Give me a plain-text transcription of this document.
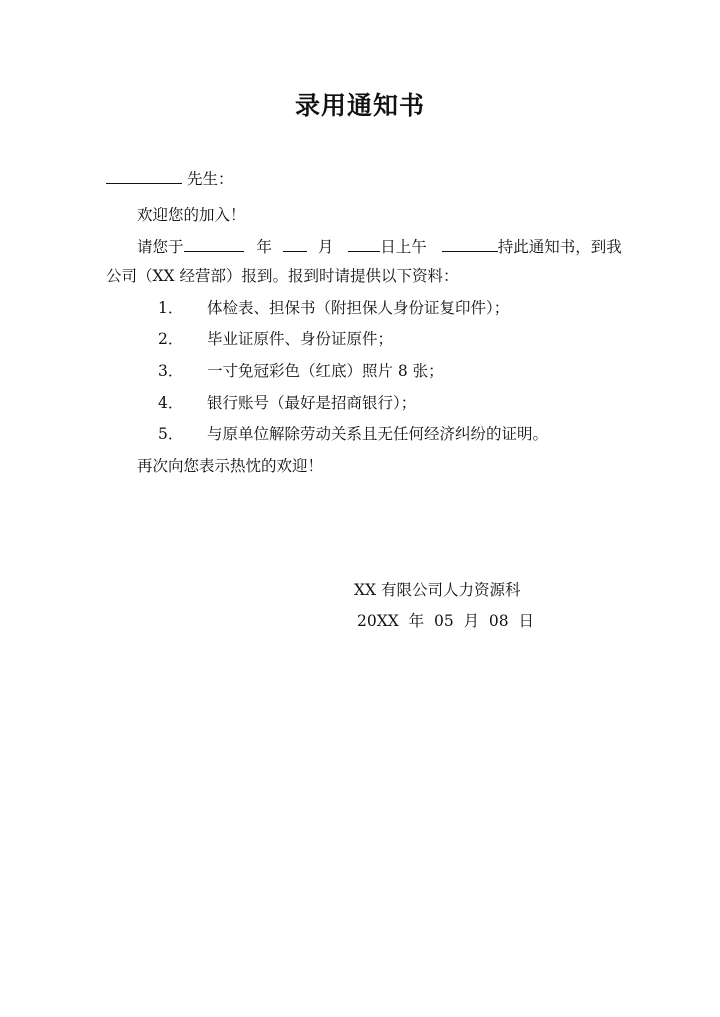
录用通知书
先生：
欢迎您的加入！
请您于	年	月	日上午	持此通知书，到我
公司（XX 经营部）报到。报到时请提供以下资料：
1． 体检表、担保书（附担保人身份证复印件）；
2． 毕业证原件、身份证原件；
3． 一寸免冠彩色（红底）照片 8 张；
4． 银行账号（最好是招商银行）；
5． 与原单位解除劳动关系且无任何经济纠纷的证明。
再次向您表示热忱的欢迎！
XX 有限公司人力资源科
20XX  年  05  月  08  日
